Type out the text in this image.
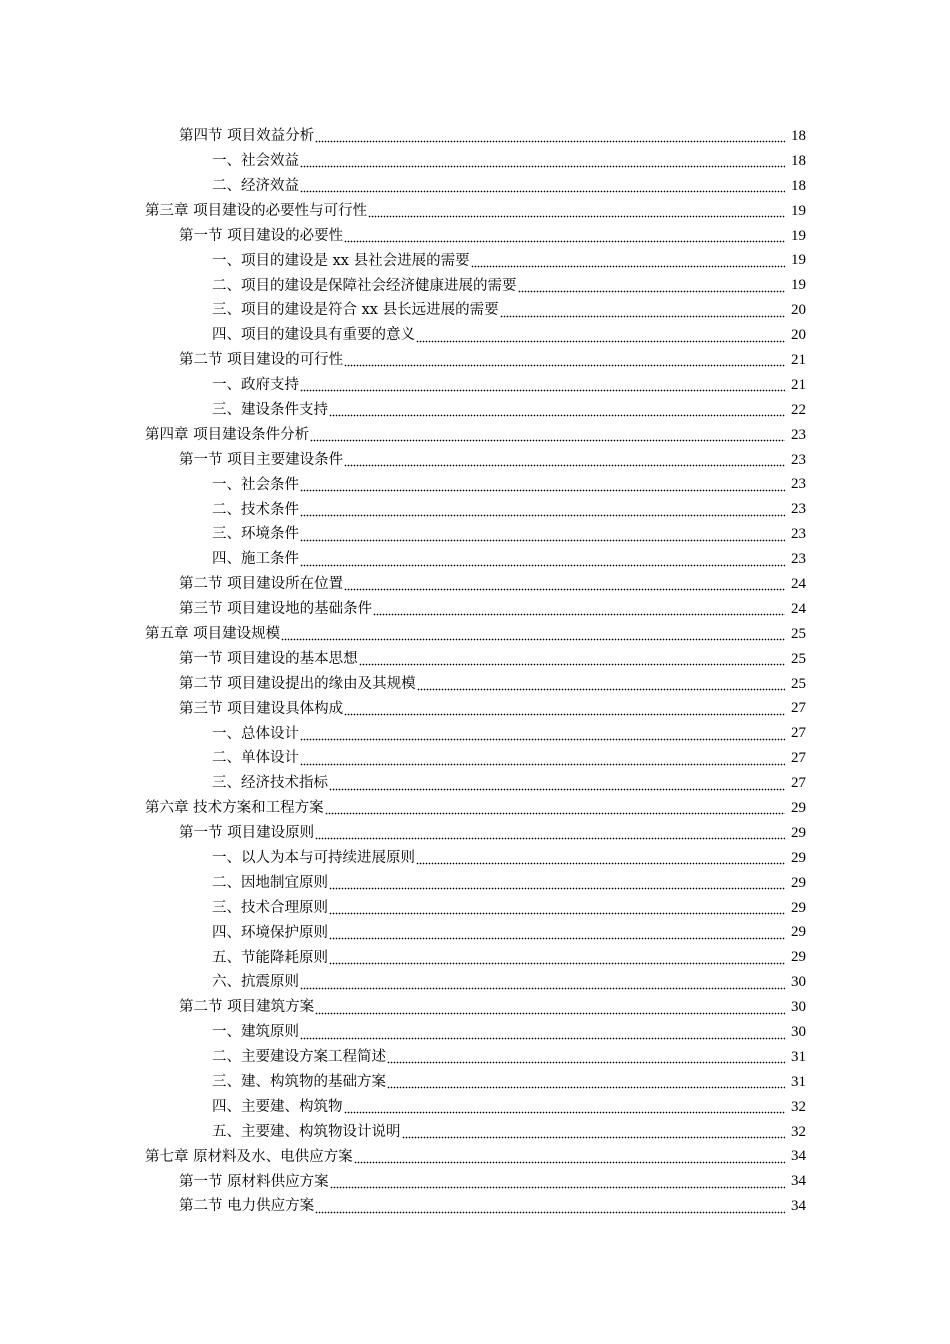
第四节 项目效益分析	18
一、社会效益	18
二、经济效益	18
第三章 项目建设的必要性与可行性	19
第一节 项目建设的必要性	19
一、项目的建设是 xx 县社会进展的需要	19
二、项目的建设是保障社会经济健康进展的需要	19
三、项目的建设是符合 xx 县长远进展的需要	20
四、项目的建设具有重要的意义	20
第二节 项目建设的可行性	21
一、政府支持	21
三、建设条件支持	22
第四章 项目建设条件分析	23
第一节 项目主要建设条件	23
一、社会条件	23
二、技术条件	23
三、环境条件	23
四、施工条件	23
第二节 项目建设所在位置	24
第三节 项目建设地的基础条件	24
第五章 项目建设规模	25
第一节 项目建设的基本思想	25
第二节 项目建设提出的缘由及其规模	25
第三节 项目建设具体构成	27
一、总体设计	27
二、单体设计	27
三、经济技术指标	27
第六章 技术方案和工程方案	29
第一节 项目建设原则	29
一、以人为本与可持续进展原则	29
二、因地制宜原则	29
三、技术合理原则	29
四、环境保护原则	29
五、节能降耗原则	29
六、抗震原则	30
第二节 项目建筑方案	30
一、建筑原则	30
二、主要建设方案工程简述	31
三、建、构筑物的基础方案	31
四、主要建、构筑物	32
五、主要建、构筑物设计说明	32
第七章 原材料及水、电供应方案	34
第一节 原材料供应方案	34
第二节 电力供应方案	34
